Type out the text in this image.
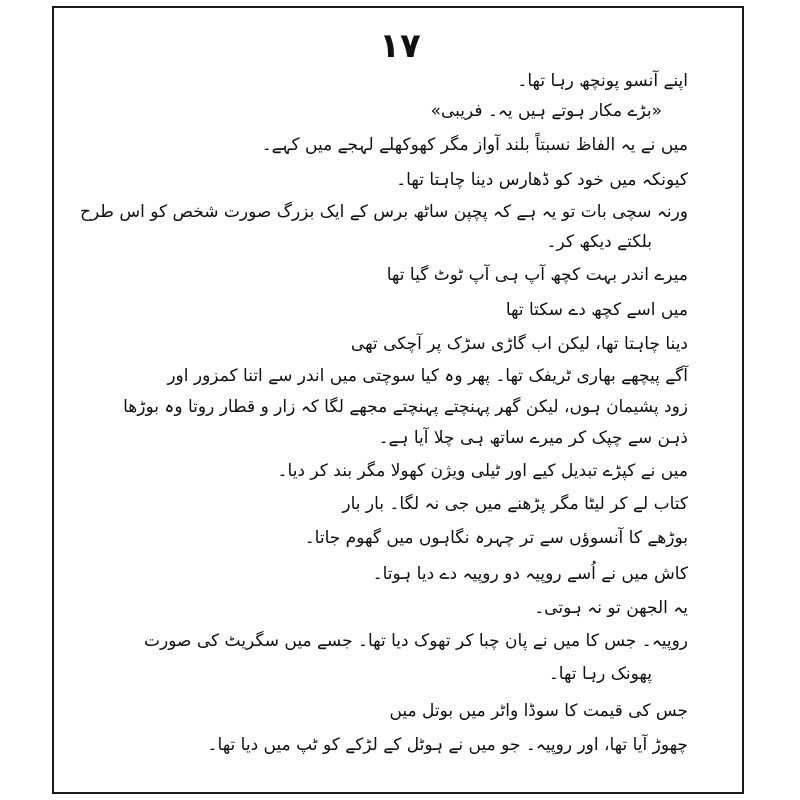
١٧
اپنے آنسو پونچھ رہا تھا۔
«بڑے مکار ہوتے ہیں یہ۔ فریبی»
میں نے یہ الفاظ نسبتاً بلند آواز مگر کھوکھلے لہجے میں کہے۔
کیونکہ میں خود کو ڈھارس دینا چاہتا تھا۔
ورنہ سچی بات تو یہ ہے کہ پچپن ساٹھ برس کے ایک بزرگ صورت شخص کو اس طرح
بلکتے دیکھ کر۔
میرے اندر بہت کچھ آپ ہی آپ ٹوٹ گیا تھا
میں اسے کچھ دے سکتا تھا
دینا چاہتا تھا، لیکن اب گاڑی سڑک پر آچکی تھی
آگے پیچھے بھاری ٹریفک تھا۔ پھر وہ کیا سوچتی میں اندر سے اتنا کمزور اور
زود پشیمان ہوں، لیکن گھر پہنچتے پہنچتے مجھے لگا کہ زار و قطار روتا وہ بوڑھا
ذہن سے چپک کر میرے ساتھ ہی چلا آیا ہے۔
میں نے کپڑے تبدیل کیے اور ٹیلی ویژن کھولا مگر بند کر دیا۔
کتاب لے کر لیٹا مگر پڑھنے میں جی نہ لگا۔ بار بار
بوڑھے کا آنسوؤں سے تر چہرہ نگاہوں میں گھوم جاتا۔
کاش میں نے اُسے روپیہ دو روپیہ دے دیا ہوتا۔
یہ الجھن تو نہ ہوتی۔
روپیہ۔ جس کا میں نے پان چبا کر تھوک دیا تھا۔ جسے میں سگریٹ کی صورت
پھونک رہا تھا۔
جس کی قیمت کا سوڈا واٹر میں بوتل میں
چھوڑ آیا تھا، اور روپیہ۔ جو میں نے ہوٹل کے لڑکے کو ٹپ میں دیا تھا۔
